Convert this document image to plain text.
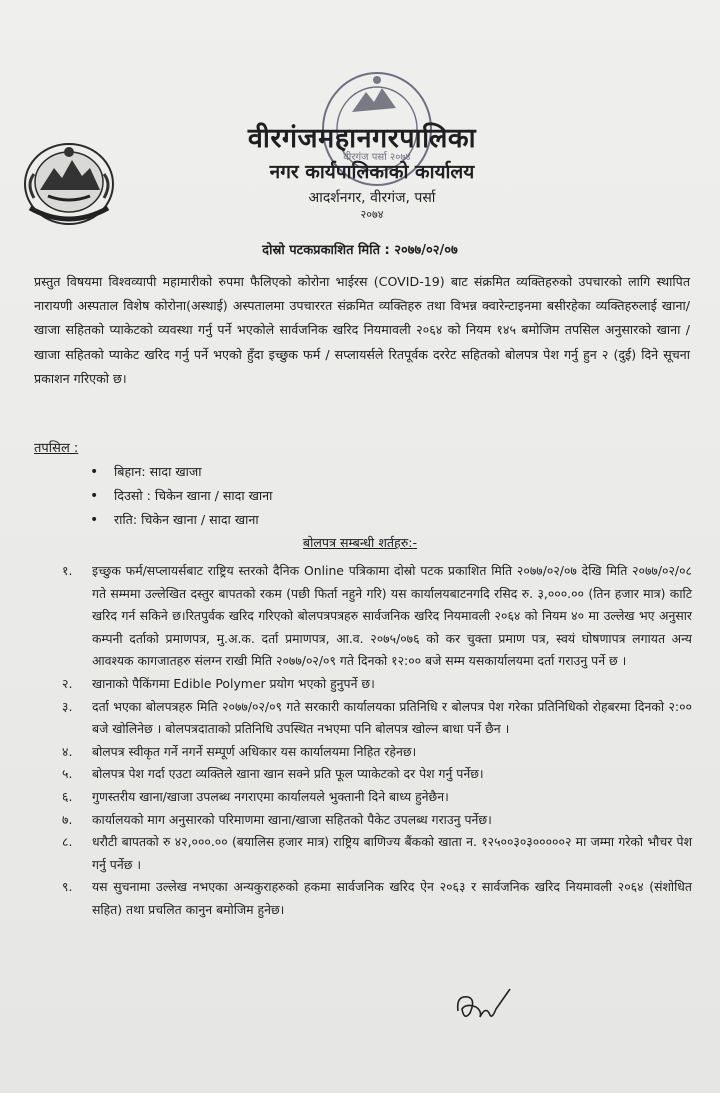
वीरगंज पर्सा २०७४
वीरगंजमहानगरपालिका
नगर कार्यपालिकाको कार्यालय
आदर्शनगर, वीरगंज, पर्सा
२०७४
दोस्रो पटकप्रकाशित मिति : २०७७/०२/०७
प्रस्तुत विषयमा विश्वव्यापी महामारीको रुपमा फैलिएको कोरोना भाईरस (COVID-19) बाट संक्रमित व्यक्तिहरुको उपचारको लागि स्थापित नारायणी अस्पताल विशेष कोरोना(अस्थाई) अस्पतालमा उपचाररत संक्रमित व्यक्तिहरु तथा विभन्न क्वारेन्टाइनमा बसीरहेका व्यक्तिहरुलाई खाना/ खाजा सहितको प्याकेटको व्यवस्था गर्नु पर्ने भएकोले सार्वजनिक खरिद नियमावली २०६४ को नियम १४५ बमोजिम तपसिल अनुसारको खाना / खाजा सहितको प्याकेट खरिद गर्नु पर्ने भएको हुँदा इच्छुक फर्म / सप्लायर्सले रितपूर्वक दररेट सहितको बोलपत्र पेश गर्नु हुन २ (दुई) दिने सूचना प्रकाशन गरिएको छ।
तपसिल :
• बिहान: सादा खाजा
• दिउसो : चिकेन खाना / सादा खाना
• राति: चिकेन खाना / सादा खाना
बोलपत्र सम्बन्धी शर्तहरु:-
१. इच्छुक फर्म/सप्लायर्सबाट राष्ट्रिय स्तरको दैनिक Online पत्रिकामा दोस्रो पटक प्रकाशित मिति २०७७/०२/०७ देखि मिति २०७७/०२/०८ गते सम्ममा उल्लेखित दस्तुर बापतको रकम (पछी फिर्ता नहुने गरि) यस कार्यालयबाटनगदि रसिद रु. ३,०००.०० (तिन हजार मात्र) काटि खरिद गर्न सकिने छ।रितपुर्वक खरिद गरिएको बोलपत्रपत्रहरु सार्वजनिक खरिद नियमावली २०६४ को नियम ४० मा उल्लेख भए अनुसार कम्पनी दर्ताको प्रमाणपत्र, मु.अ.क. दर्ता प्रमाणपत्र, आ.व. २०७५/०७६ को कर चुक्ता प्रमाण पत्र, स्वयं घोषणापत्र लगायत अन्य आवश्यक कागजातहरु संलग्न राखी मिति २०७७/०२/०९ गते दिनको १२:०० बजे सम्म यसकार्यालयमा दर्ता गराउनु पर्ने छ ।
२. खानाको पैकिंगमा Edible Polymer प्रयोग भएको हुनुपर्ने छ।
३. दर्ता भएका बोलपत्रहरु मिति २०७७/०२/०९ गते सरकारी कार्यालयका प्रतिनिधि र बोलपत्र पेश गरेका प्रतिनिधिको रोहबरमा दिनको २:०० बजे खोलिनेछ । बोलपत्रदाताको प्रतिनिधि उपस्थित नभएमा पनि बोलपत्र खोल्न बाधा पर्ने छैन ।
४. बोलपत्र स्वीकृत गर्ने नगर्ने सम्पूर्ण अधिकार यस कार्यालयमा निहित रहेनछ।
५. बोलपत्र पेश गर्दा एउटा व्यक्तिले खाना खान सक्ने प्रति फूल प्याकेटको दर पेश गर्नु पर्नेछ।
६. गुणस्तरीय खाना/खाजा उपलब्ध नगराएमा कार्यालयले भुक्तानी दिने बाध्य हुनेछैन।
७. कार्यालयको माग अनुसारको परिमाणमा खाना/खाजा सहितको पैकेट उपलब्ध गराउनु पर्नेछ।
८. धरौटी बापतको रु ४२,०००.०० (बयालिस हजार मात्र) राष्ट्रिय बाणिज्य बैंकको खाता न. १२५००३०३०००००२ मा जम्मा गरेको भौचर पेश गर्नु पर्नेछ ।
९. यस सुचनामा उल्लेख नभएका अन्यकुराहरुको हकमा सार्वजनिक खरिद ऐन २०६३ र सार्वजनिक खरिद नियमावली २०६४ (संशोधित सहित) तथा प्रचलित कानुन बमोजिम हुनेछ।
